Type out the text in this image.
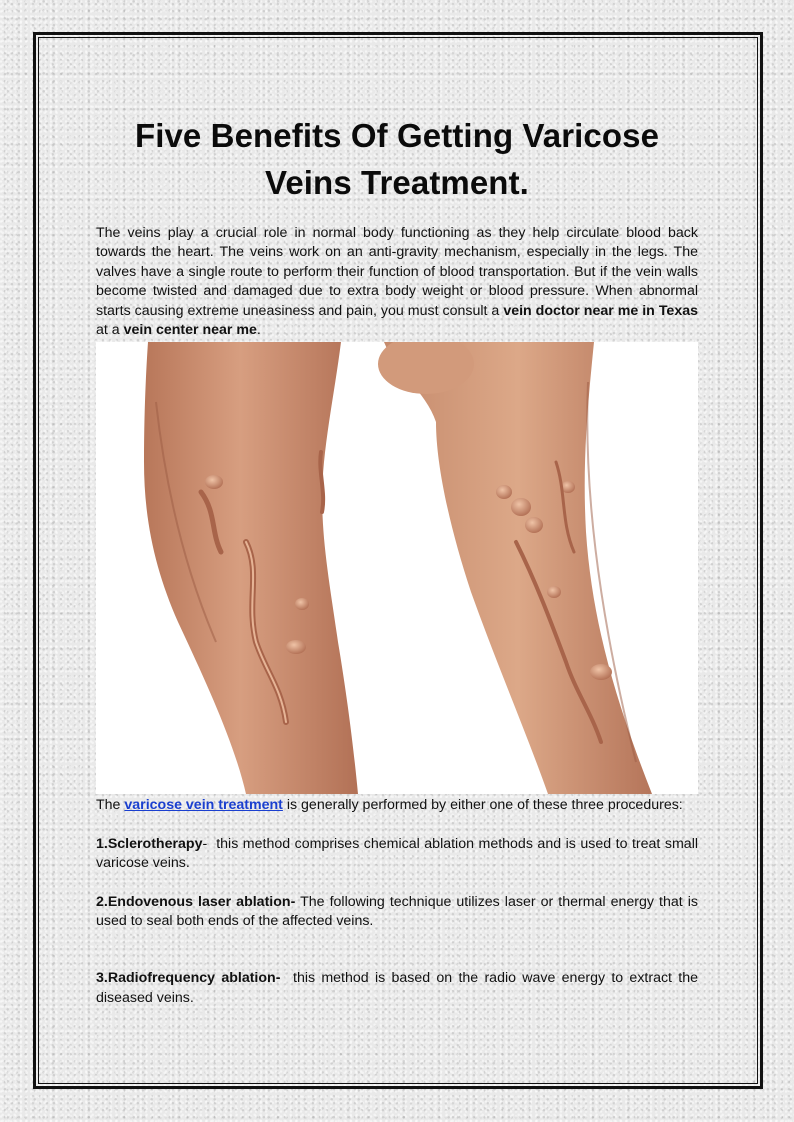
Five Benefits Of Getting Varicose Veins Treatment.

The veins play a crucial role in normal body functioning as they help circulate blood back towards the heart. The veins work on an anti-gravity mechanism, especially in the legs. The valves have a single route to perform their function of blood transportation. But if the vein walls become twisted and damaged due to extra body weight or blood pressure. When abnormal starts causing extreme uneasiness and pain, you must consult a vein doctor near me in Texas at a vein center near me.

The varicose vein treatment is generally performed by either one of these three procedures:

1.Sclerotherapy-  this method comprises chemical ablation methods and is used to treat small varicose veins.

2.Endovenous laser ablation- The following technique utilizes laser or thermal energy that is used to seal both ends of the affected veins.

3.Radiofrequency ablation- this method is based on the radio wave energy to extract the diseased veins.
